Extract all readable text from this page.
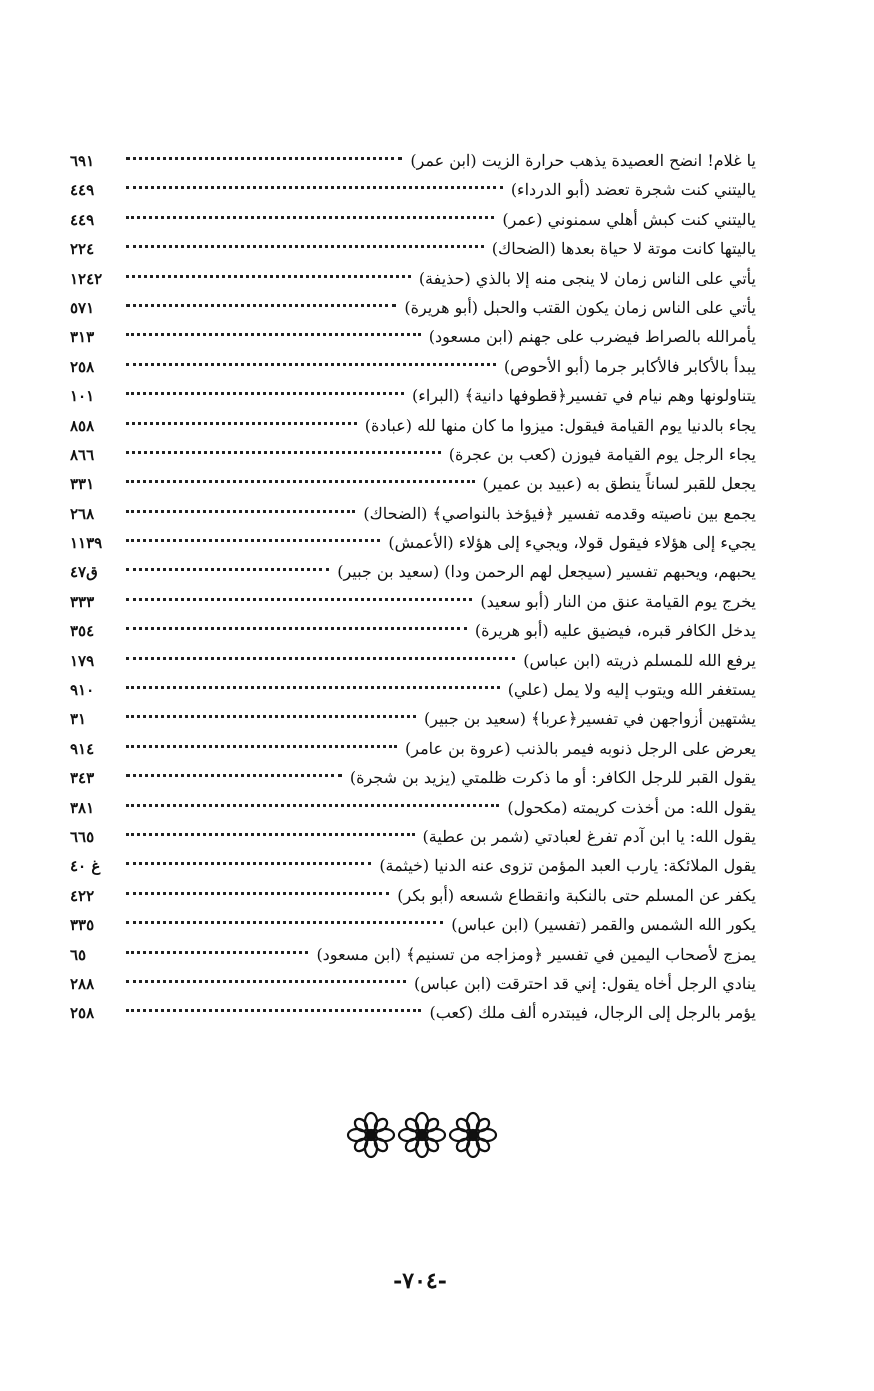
يا غلام! انضح العصيدة يذهب حرارة الزيت (ابن عمر)
٦٩١
ياليتني كنت شجرة تعضد (أبو الدرداء)
٤٤٩
ياليتني كنت كبش أهلي سمنوني (عمر)
٤٤٩
ياليتها كانت موتة لا حياة بعدها (الضحاك)
٢٢٤
يأتي على الناس زمان لا ينجى منه إلا بالذي (حذيفة)
١٢٤٢
يأتي على الناس زمان يكون القتب والحبل (أبو هريرة)
٥٧١
يأمرالله بالصراط فيضرب على جهنم (ابن مسعود)
٣١٣
يبدأ بالأكابر فالأكابر جرما (أبو الأحوص)
٢٥٨
يتناولونها وهم نيام في تفسير﴿قطوفها دانية﴾ (البراء)
١٠١
يجاء بالدنيا يوم القيامة فيقول: ميزوا ما كان منها لله (عبادة)
٨٥٨
يجاء الرجل يوم القيامة فيوزن (كعب بن عجرة)
٨٦٦
يجعل للقبر لساناً ينطق به (عبيد بن عمير)
٣٣١
يجمع بين ناصيته وقدمه تفسير ﴿فيؤخذ بالنواصي﴾ (الضحاك)
٢٦٨
يجيء إلى هؤلاء فيقول قولا، ويجيء إلى هؤلاء (الأعمش)
١١٣٩
يحبهم، ويحبهم تفسير (سيجعل لهم الرحمن ودا) (سعيد بن جبير)
ق٤٧
يخرج يوم القيامة عنق من النار (أبو سعيد)
٣٣٣
يدخل الكافر قبره، فيضيق عليه (أبو هريرة)
٣٥٤
يرفع الله للمسلم ذريته (ابن عباس)
١٧٩
يستغفر الله ويتوب إليه ولا يمل (علي)
٩١٠
يشتهين أزواجهن في تفسير﴿عربا﴾ (سعيد بن جبير)
٣١
يعرض على الرجل ذنوبه فيمر بالذنب (عروة بن عامر)
٩١٤
يقول القبر للرجل الكافر: أو ما ذكرت ظلمتي (يزيد بن شجرة)
٣٤٣
يقول الله: من أخذت كريمته (مكحول)
٣٨١
يقول الله: يا ابن آدم تفرغ لعبادتي (شمر بن عطية)
٦٦٥
يقول الملائكة: يارب العبد المؤمن تزوى عنه الدنيا (خيثمة)
غ ٤٠
يكفر عن المسلم حتى بالنكبة وانقطاع شسعه (أبو بكر)
٤٢٢
يكور الله الشمس والقمر (تفسير) (ابن عباس)
٣٣٥
يمزج لأصحاب اليمين في تفسير ﴿ومزاجه من تسنيم﴾ (ابن مسعود)
٦٥
ينادي الرجل أخاه يقول: إني قد احترقت (ابن عباس)
٢٨٨
يؤمر بالرجل إلى الرجال، فيبتدره ألف ملك (كعب)
٢٥٨
-٧٠٤-
